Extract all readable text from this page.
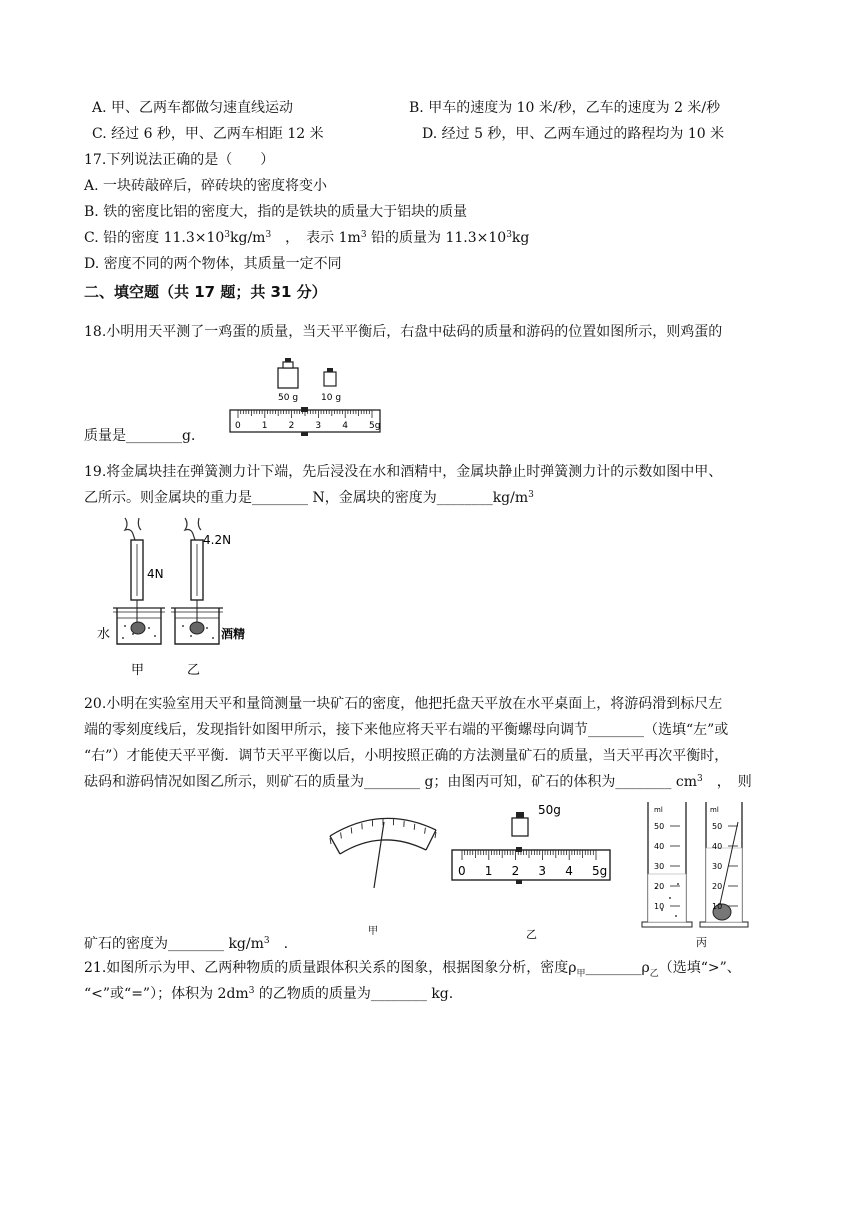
A. 甲、乙两车都做匀速直线运动	B. 甲车的速度为 10 米/秒，乙车的速度为 2 米/秒
C. 经过 6 秒，甲、乙两车相距 12 米	D. 经过 5 秒，甲、乙两车通过的路程均为 10 米
17.下列说法正确的是（　　）
A. 一块砖敲碎后，碎砖块的密度将变小
B. 铁的密度比铝的密度大，指的是铁块的质量大于铝块的质量
C. 铅的密度 $11.3\times 10^3kg/m^3$　，　表示 $1m^3$ 铅的质量为 $11.3\times 10^3kg$
D. 密度不同的两个物体，其质量一定不同
二、填空题（共 17 题；共 31 分）
18.小明用天平测了一鸡蛋的质量，当天平平衡后，右盘中砝码的质量和游码的位置如图所示，则鸡蛋的
50 g	10 g
0 1 2 3 4 5g
质量是________g．
19.将金属块挂在弹簧测力计下端，先后浸没在水和酒精中，金属块静止时弹簧测力计的示数如图中甲、
乙所示。则金属块的重力是________ N，金属块的密度为$\_\_\_\_\_\_\_\_kg/m^3$
4N
水
甲
4.2N
酒精
乙
20.小明在实验室用天平和量筒测量一块矿石的密度，他把托盘天平放在水平桌面上，将游码滑到标尺左
端的零刻度线后，发现指针如图甲所示，接下来他应将天平右端的平衡螺母向调节________（选填“左”或
“右”）才能使天平平衡．调节天平平衡以后，小明按照正确的方法测量矿石的质量，当天平再次平衡时，
砝码和游码情况如图乙所示，则矿石的质量为________ g；由图丙可知，矿石的体积为________ $cm^3$　，　则
甲
50g
0 1 2 3 4 5g
乙
ml
50
40
30
20
10
ml
50
40
30
20
10
丙
矿石的密度为________ $kg/m^3$　.
21.如图所示为甲、乙两种物质的质量跟体积关系的图象，根据图象分析，密度$\rho_甲\_\_\_\_\_\_\_\_\rho_乙$（选填“>”、
“<”或“=”）；体积为 $2dm^3$ 的乙物质的质量为________ kg.
